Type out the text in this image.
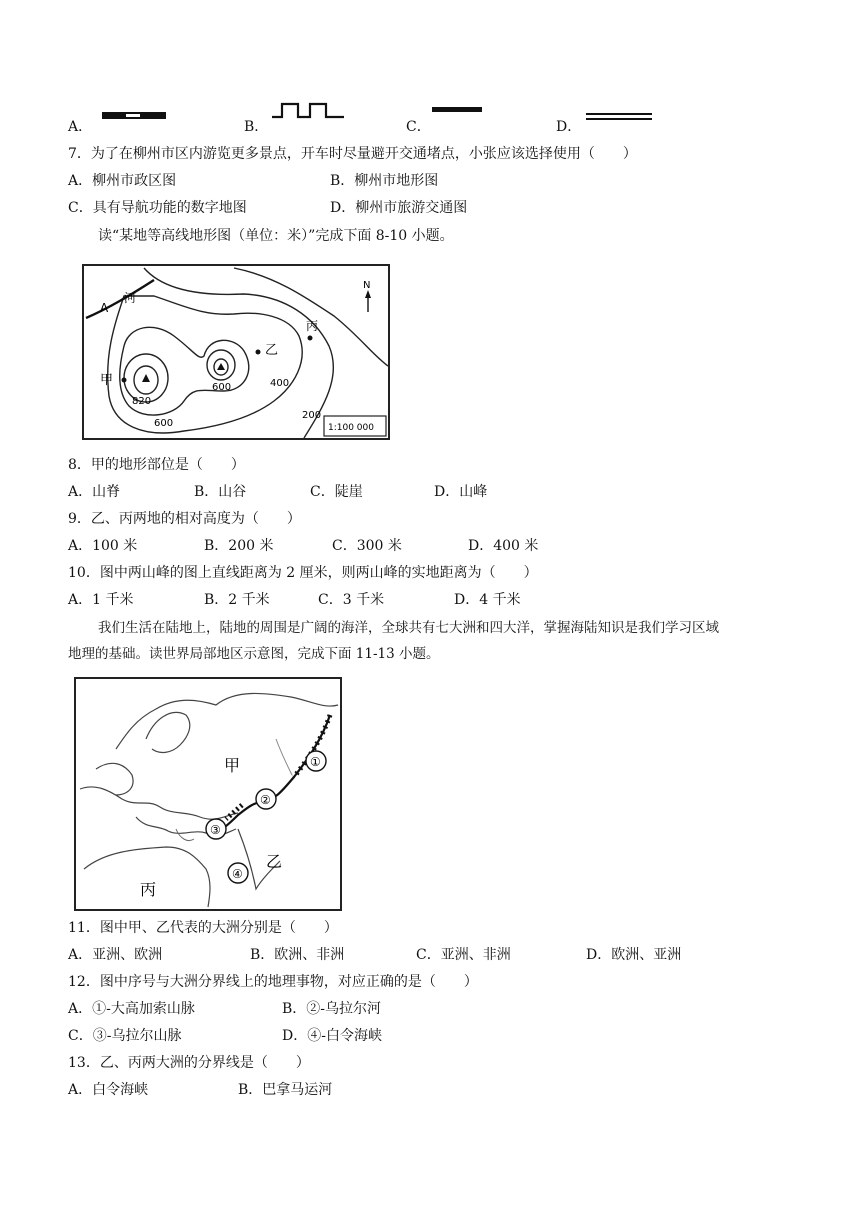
A．	B．	C．	D．
7．为了在柳州市区内游览更多景点，开车时尽量避开交通堵点，小张应该选择使用（　　）
A．柳州市政区图	B．柳州市地形图
C．具有导航功能的数字地图	D．柳州市旅游交通图
读“某地等高线地形图（单位：米）”完成下面 8-10 小题。
A
河
甲
乙
丙
N
820
600
600
400
200
1:100 000
8．甲的地形部位是（　　）
A．山脊	B．山谷	C．陡崖	D．山峰
9．乙、丙两地的相对高度为（　　）
A．100 米	B．200 米	C．300 米	D．400 米
10．图中两山峰的图上直线距离为 2 厘米，则两山峰的实地距离为（　　）
A．1 千米	B．2 千米	C．3 千米	D．4 千米
我们生活在陆地上，陆地的周围是广阔的海洋，全球共有七大洲和四大洋，掌握海陆知识是我们学习区域
地理的基础。读世界局部地区示意图，完成下面 11-13 小题。
①
②
③
④
甲
乙
丙
11．图中甲、乙代表的大洲分别是（　　）
A．亚洲、欧洲	B．欧洲、非洲	C．亚洲、非洲	D．欧洲、亚洲
12．图中序号与大洲分界线上的地理事物，对应正确的是（　　）
A．①-大高加索山脉	B．②-乌拉尔河
C．③-乌拉尔山脉	D．④-白令海峡
13．乙、丙两大洲的分界线是（　　）
A．白令海峡	B．巴拿马运河
